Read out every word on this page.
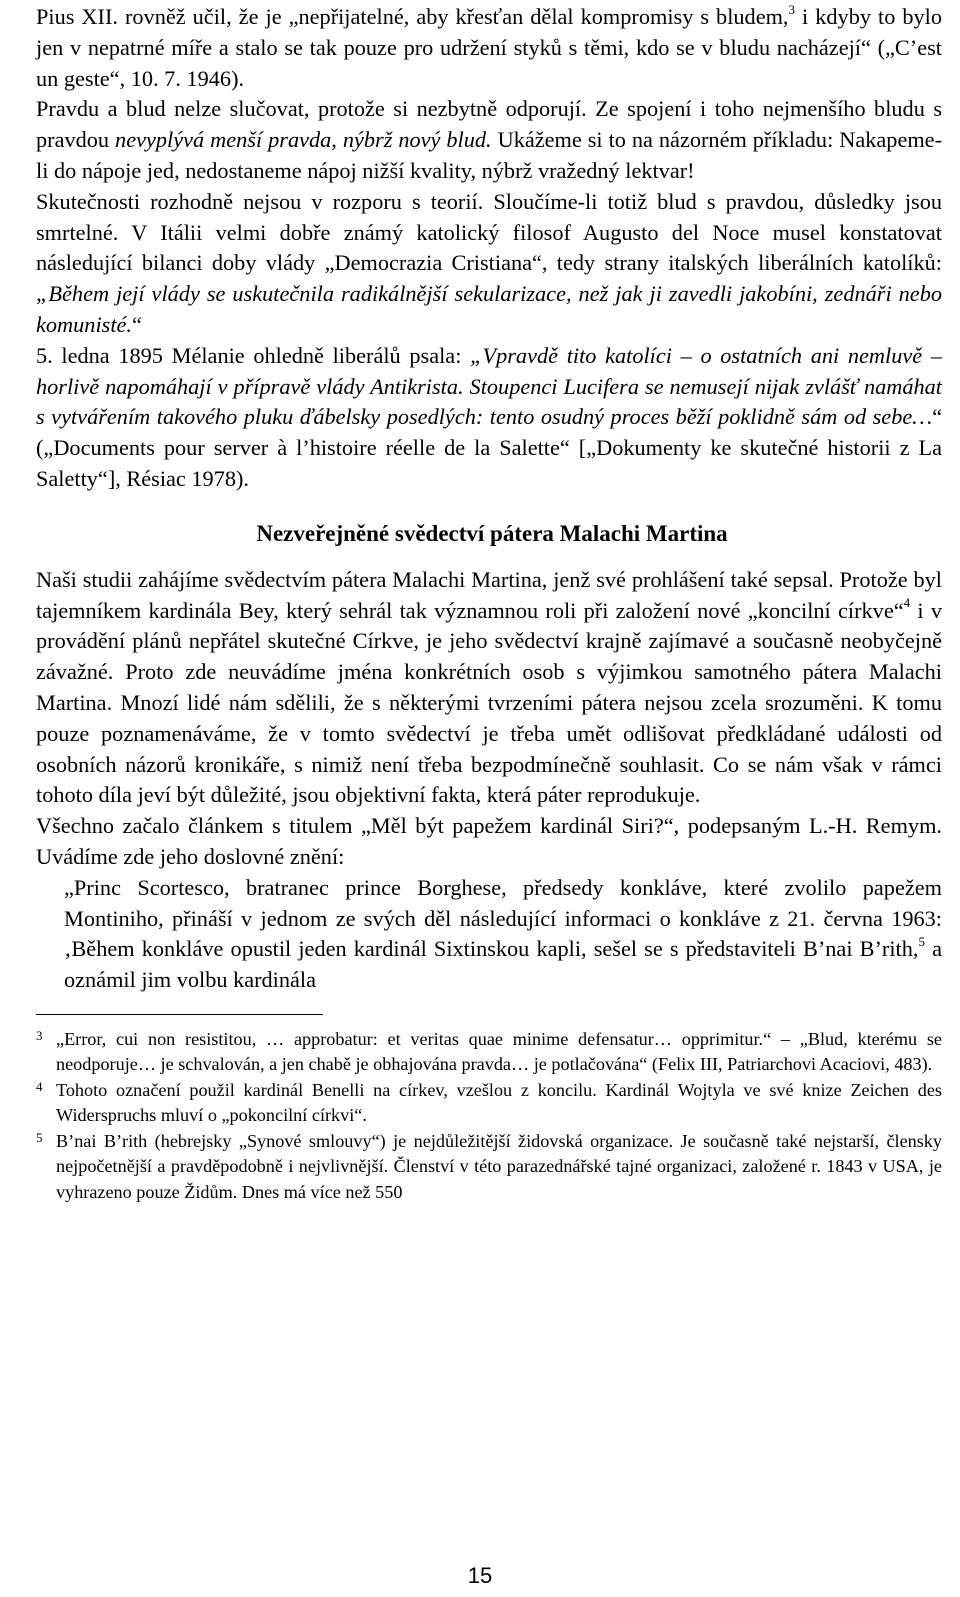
Pius XII. rovněž učil, že je „nepřijatelné, aby křesťan dělal kompromisy s bludem,$^3$ i kdyby to bylo jen v nepatrné míře a stalo se tak pouze pro udržení styků s těmi, kdo se v bludu nacházejí“ („C’est un geste“, 10. 7. 1946).

Pravdu a blud nelze slučovat, protože si nezbytně odporují. Ze spojení i toho nejmenšího bludu s pravdou nevyplývá menší pravda, nýbrž nový blud. Ukážeme si to na názorném příkladu: Nakapeme-li do nápoje jed, nedostaneme nápoj nižší kvality, nýbrž vražedný lektvar!

Skutečnosti rozhodně nejsou v rozporu s teorií. Sloučíme-li totiž blud s pravdou, důsledky jsou smrtelné. V Itálii velmi dobře známý katolický filosof Augusto del Noce musel konstatovat následující bilanci doby vlády „Democrazia Cristiana“, tedy strany italských liberálních katolíků: „Během její vlády se uskutečnila radikálnější sekularizace, než jak ji zavedli jakobíni, zednáři nebo komunisté.“

5. ledna 1895 Mélanie ohledně liberálů psala: „Vpravdě tito katolíci – o ostatních ani nemluvě – horlivě napomáhají v přípravě vlády Antikrista. Stoupenci Lucifera se nemusejí nijak zvlášť namáhat s vytvářením takového pluku ďábelsky posedlých: tento osudný proces běží poklidně sám od sebe…“ („Documents pour server à l’histoire réelle de la Salette“ [„Dokumenty ke skutečné historii z La Saletty“], Résiac 1978).

Nezveřejněné svědectví pátera Malachi Martina

Naši studii zahájíme svědectvím pátera Malachi Martina, jenž své prohlášení také sepsal. Protože byl tajemníkem kardinála Bey, který sehrál tak významnou roli při založení nové „koncilní církve“$^4$ i v provádění plánů nepřátel skutečné Církve, je jeho svědectví krajně zajímavé a současně neobyčejně závažné. Proto zde neuvádíme jména konkrétních osob s výjimkou samotného pátera Malachi Martina. Mnozí lidé nám sdělili, že s některými tvrzeními pátera nejsou zcela srozuměni. K tomu pouze poznamenáváme, že v tomto svědectví je třeba umět odlišovat předkládané události od osobních názorů kronikáře, s nimiž není třeba bezpodmínečně souhlasit. Co se nám však v rámci tohoto díla jeví být důležité, jsou objektivní fakta, která páter reprodukuje.

Všechno začalo článkem s titulem „Měl být papežem kardinál Siri?“, podepsaným L.-H. Remym. Uvádíme zde jeho doslovné znění:

„Princ Scortesco, bratranec prince Borghese, předsedy konkláve, které zvolilo papežem Montiniho, přináší v jednom ze svých děl následující informaci o konkláve z 21. června 1963: ‚Během konkláve opustil jeden kardinál Sixtinskou kapli, sešel se s představiteli B’nai B’rith,$^5$ a oznámil jim volbu kardinála

3 „Error, cui non resistitou, … approbatur: et veritas quae minime defensatur… opprimitur.“ – „Blud, kterému se neodporuje… je schvalován, a jen chabě je obhajována pravda… je potlačována“ (Felix III, Patriarchovi Acaciovi, 483).
4 Tohoto označení použil kardinál Benelli na církev, vzešlou z koncilu. Kardinál Wojtyla ve své knize Zeichen des Widerspruchs mluví o „pokoncilní církvi“.
5 B’nai B’rith (hebrejsky „Synové smlouvy“) je nejdůležitější židovská organizace. Je současně také nejstarší, člensky nejpočetnější a pravděpodobně i nejvlivnější. Členství v této parazednářské tajné organizaci, založené r. 1843 v USA, je vyhrazeno pouze Židům. Dnes má více než 550
15
